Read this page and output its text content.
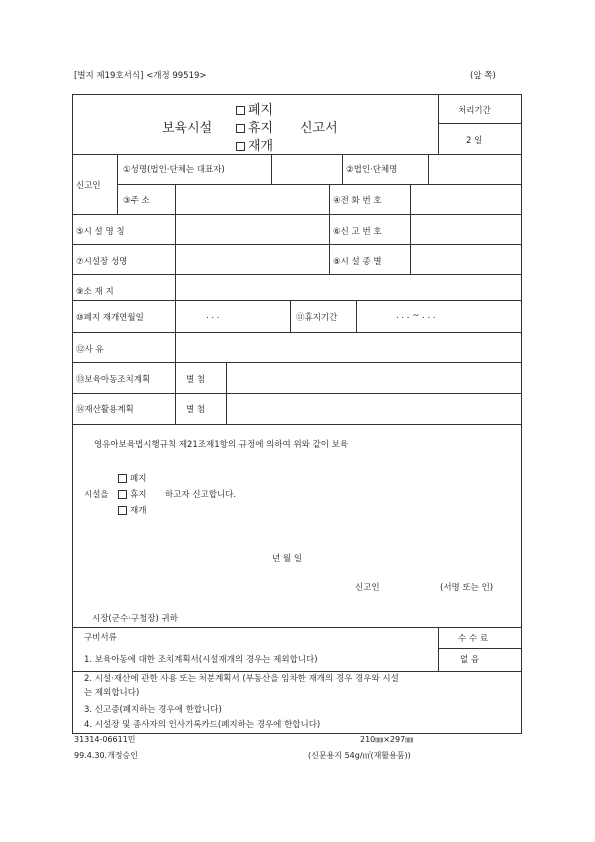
[별지 제19호서식] <개정 99519>	(앞 쪽)
폐지
보육시설	휴지 신고서
재개
처리기간
2 일
신고인
①성명(법인·단체는 대표자)	②법인·단체명
③주 소	④전 화 번 호
⑤시 설 명 칭	⑥신 고 번 호
⑦시설장 성명	⑧시 설 종 별
⑨소 재 지
⑩폐지 재개연월일	. . .	⑪휴지기간	. . . ~ . . .
⑫사 유
⑬보육아동조치계획	별 첨
⑭재산활용계획	별 첨
영유아보육법시행규칙 제21조제1항의 규정에 의하여 위와 같이 보육
폐지
시설을	휴지 하고자 신고합니다.
재개
년 월 일
신고인	(서명 또는 인)
시장(군수·구청장) 귀하
구비서류	수 수 료
없 음
1. 보육아동에 대한 조치계획서(시설재개의 경우는 제외합니다)
2. 시설·재산에 관한 사용 또는 처분계획서 (부동산을 임차한 재개의 경우 경우와 시설
는 제외합니다)
3. 신고증(폐지하는 경우에 한합니다)
4. 시설장 및 종사자의 인사기록카드(폐지하는 경우에 한합니다)
31314-06611민	210㎜×297㎜
99.4.30.개정승인	(신문용지 54g/㎡(재활용품))
